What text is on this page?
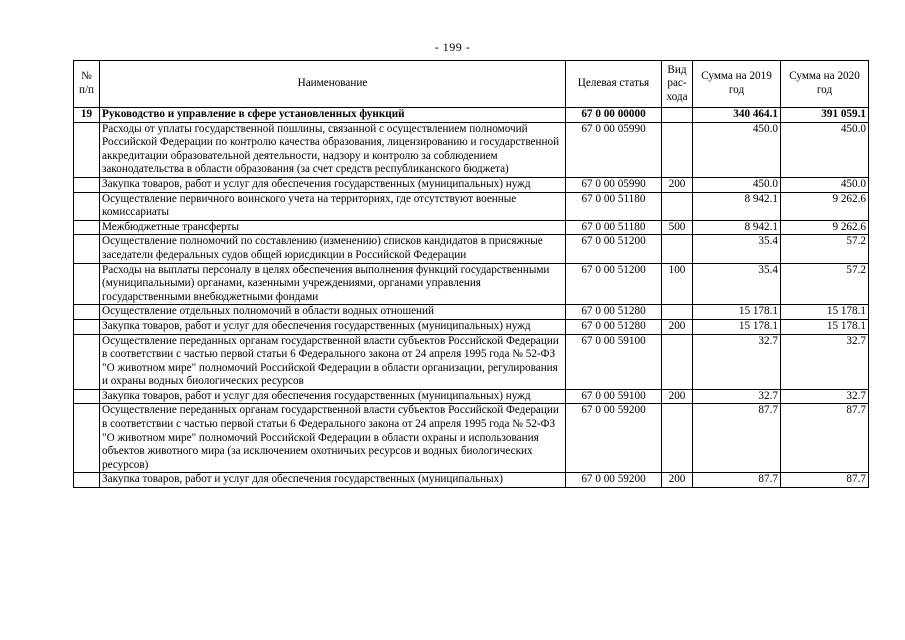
- 199 -
№ п/п	Наименование	Целевая статья	Вид рас-хода	Сумма на 2019 год	Сумма на 2020 год
19	Руководство и управление в сфере установленных функций	67 0 00 00000		340 464.1	391 059.1
	Расходы от уплаты государственной пошлины, связанной с осуществлением полномочий Российской Федерации по контролю качества образования, лицензированию и государственной аккредитации образовательной деятельности, надзору и контролю за соблюдением законодательства в области образования (за счет средств республиканского бюджета)	67 0 00 05990		450.0	450.0
	Закупка товаров, работ и услуг для обеспечения государственных (муниципальных) нужд	67 0 00 05990	200	450.0	450.0
	Осуществление первичного воинского учета на территориях, где отсутствуют военные комиссариаты	67 0 00 51180		8 942.1	9 262.6
	Межбюджетные трансферты	67 0 00 51180	500	8 942.1	9 262.6
	Осуществление полномочий по составлению (изменению) списков кандидатов в присяжные заседатели федеральных судов общей юрисдикции в Российской Федерации	67 0 00 51200		35.4	57.2
	Расходы на выплаты персоналу в целях обеспечения выполнения функций государственными (муниципальными) органами, казенными учреждениями, органами управления государственными внебюджетными фондами	67 0 00 51200	100	35.4	57.2
	Осуществление отдельных полномочий в области водных отношений	67 0 00 51280		15 178.1	15 178.1
	Закупка товаров, работ и услуг для обеспечения государственных (муниципальных) нужд	67 0 00 51280	200	15 178.1	15 178.1
	Осуществление переданных органам государственной власти субъектов Российской Федерации в соответствии с частью первой статьи 6 Федерального закона от 24 апреля 1995 года № 52-ФЗ "О животном мире" полномочий Российской Федерации в области организации, регулирования и охраны водных биологических ресурсов	67 0 00 59100		32.7	32.7
	Закупка товаров, работ и услуг для обеспечения государственных (муниципальных) нужд	67 0 00 59100	200	32.7	32.7
	Осуществление переданных органам государственной власти субъектов Российской Федерации в соответствии с частью первой статьи 6 Федерального закона от 24 апреля 1995 года № 52-ФЗ "О животном мире" полномочий Российской Федерации в области охраны и использования объектов животного мира (за исключением охотничьих ресурсов и водных биологических ресурсов)	67 0 00 59200		87.7	87.7
	Закупка товаров, работ и услуг для обеспечения государственных (муниципальных)	67 0 00 59200	200	87.7	87.7
